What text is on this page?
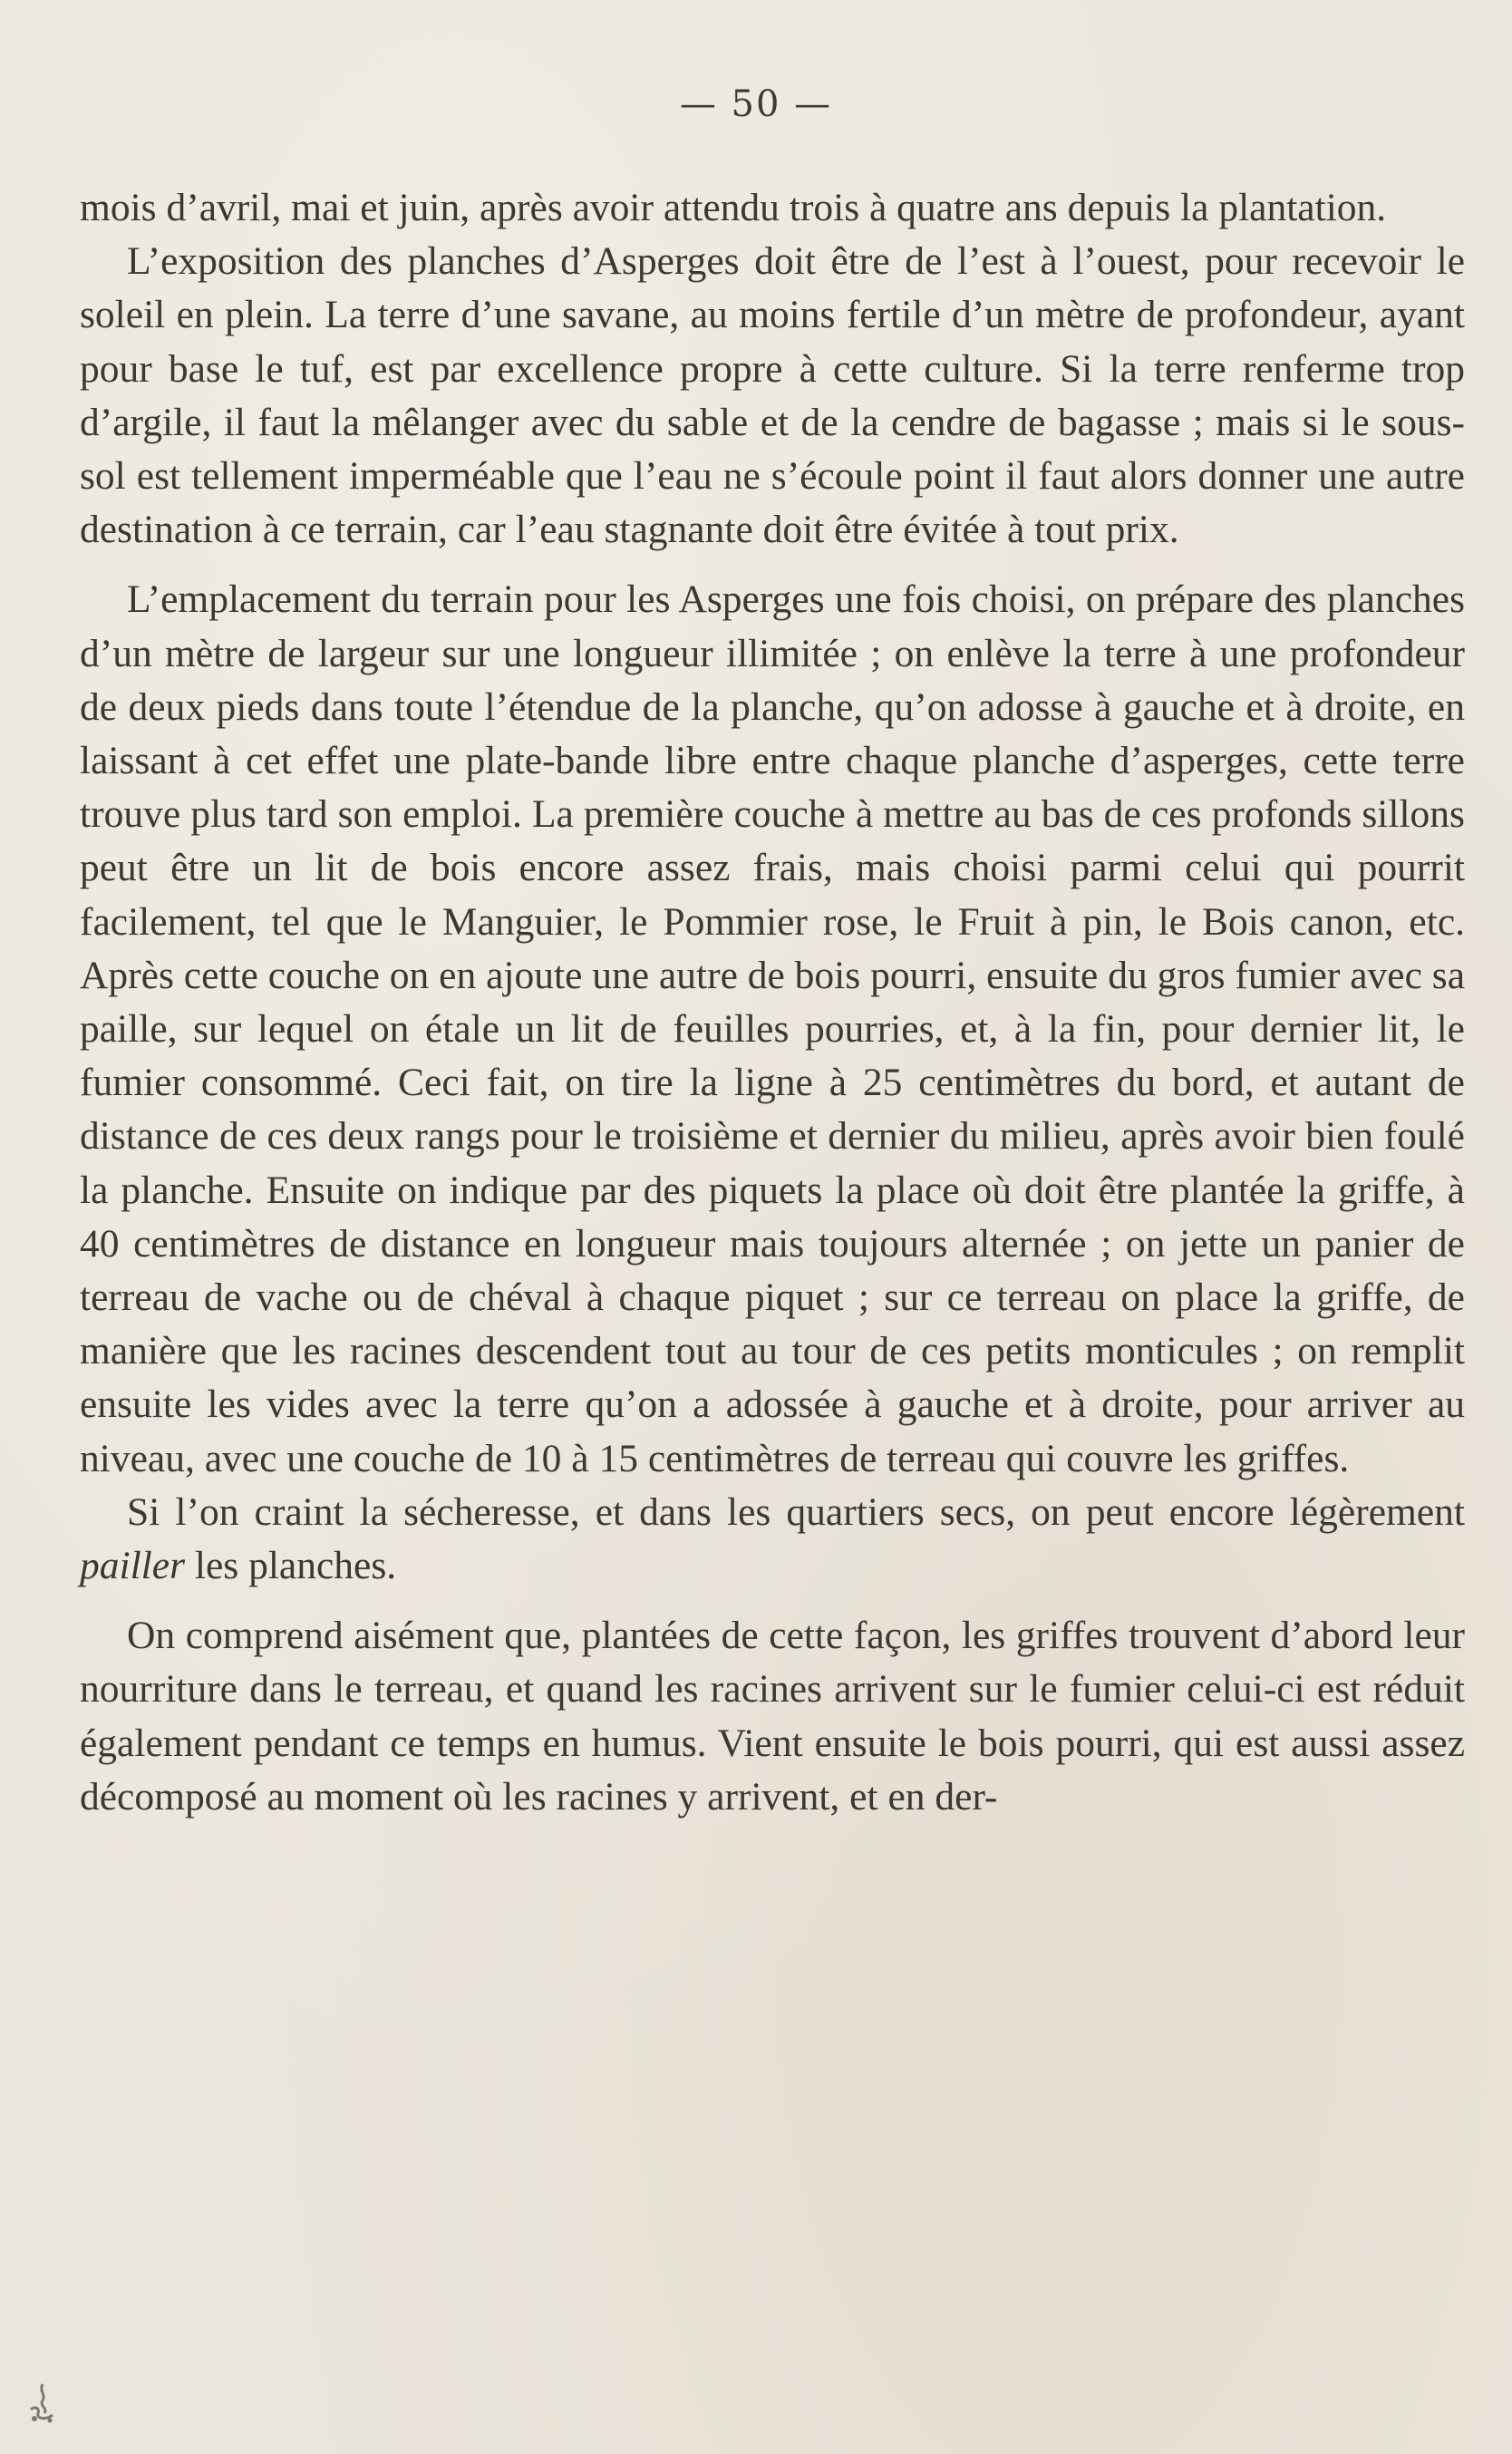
— 50 —

mois d’avril, mai et juin, après avoir attendu trois à quatre ans depuis la plantation.

L’exposition des planches d’Asperges doit être de l’est à l’ouest, pour recevoir le soleil en plein. La terre d’une savane, au moins fertile d’un mètre de profondeur, ayant pour base le tuf, est par excellence propre à cette culture. Si la terre renferme trop d’argile, il faut la mêlanger avec du sable et de la cendre de bagasse ; mais si le sous-sol est tellement imperméable que l’eau ne s’écoule point il faut alors donner une autre destination à ce terrain, car l’eau stagnante doit être évitée à tout prix.

L’emplacement du terrain pour les Asperges une fois choisi, on prépare des planches d’un mètre de largeur sur une longueur illimitée ; on enlève la terre à une profondeur de deux pieds dans toute l’étendue de la planche, qu’on adosse à gauche et à droite, en laissant à cet effet une plate-bande libre entre chaque planche d’asperges, cette terre trouve plus tard son emploi. La première couche à mettre au bas de ces profonds sillons peut être un lit de bois encore assez frais, mais choisi parmi celui qui pourrit facilement, tel que le Manguier, le Pommier rose, le Fruit à pin, le Bois canon, etc. Après cette couche on en ajoute une autre de bois pourri, ensuite du gros fumier avec sa paille, sur lequel on étale un lit de feuilles pourries, et, à la fin, pour dernier lit, le fumier consommé. Ceci fait, on tire la ligne à 25 centimètres du bord, et autant de distance de ces deux rangs pour le troisième et dernier du milieu, après avoir bien foulé la planche. Ensuite on indique par des piquets la place où doit être plantée la griffe, à 40 centimètres de distance en longueur mais toujours alternée ; on jette un panier de terreau de vache ou de chéval à chaque piquet ; sur ce terreau on place la griffe, de manière que les racines descendent tout au tour de ces petits monticules ; on remplit ensuite les vides avec la terre qu’on a adossée à gauche et à droite, pour arriver au niveau, avec une couche de 10 à 15 centimètres de terreau qui couvre les griffes.

Si l’on craint la sécheresse, et dans les quartiers secs, on peut encore légèrement pailler les planches.

On comprend aisément que, plantées de cette façon, les griffes trouvent d’abord leur nourriture dans le terreau, et quand les racines arrivent sur le fumier celui-ci est réduit également pendant ce temps en humus. Vient ensuite le bois pourri, qui est aussi assez décomposé au moment où les racines y arrivent, et en der-
